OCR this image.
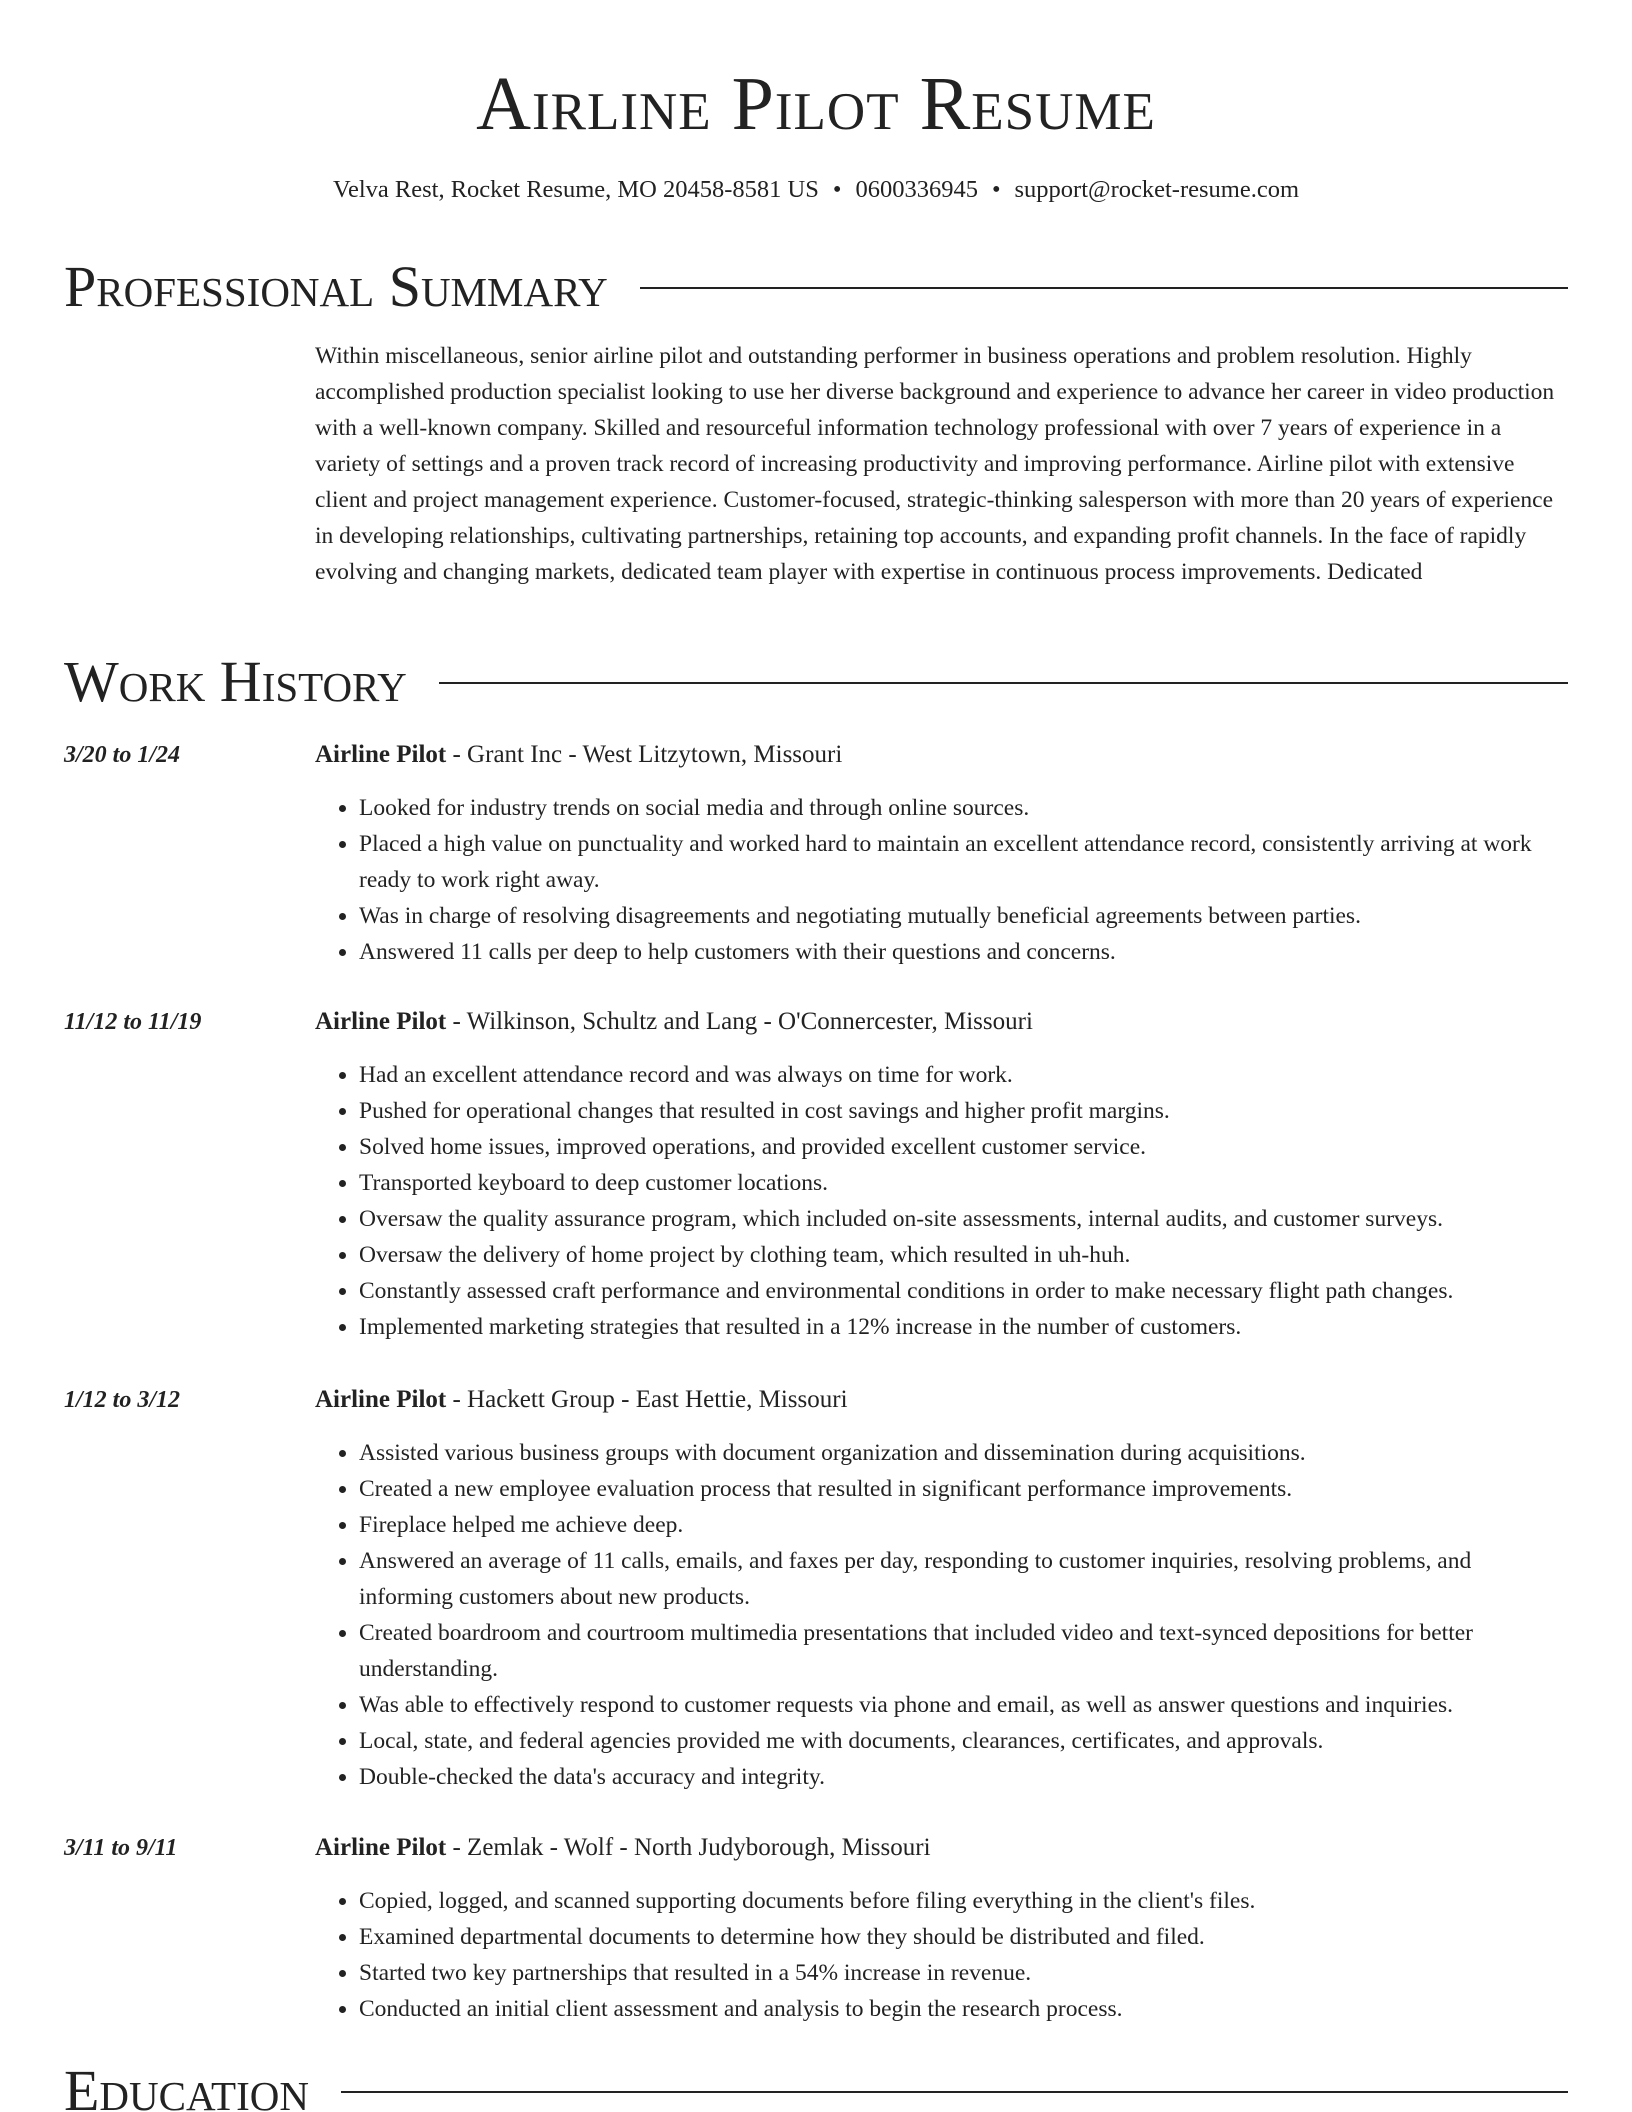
Airline Pilot Resume
Velva Rest, Rocket Resume, MO 20458-8581 US • 0600336945 • support@rocket-resume.com
Professional Summary

Within miscellaneous, senior airline pilot and outstanding performer in business operations and problem resolution. Highly accomplished production specialist looking to use her diverse background and experience to advance her career in video production with a well-known company. Skilled and resourceful information technology professional with over 7 years of experience in a variety of settings and a proven track record of increasing productivity and improving performance. Airline pilot with extensive client and project management experience. Customer-focused, strategic-thinking salesperson with more than 20 years of experience in developing relationships, cultivating partnerships, retaining top accounts, and expanding profit channels. In the face of rapidly evolving and changing markets, dedicated team player with expertise in continuous process improvements. Dedicated

Work History
3/20 to 1/24	Airline Pilot - Grant Inc - West Litzytown, Missouri
• Looked for industry trends on social media and through online sources.
• Placed a high value on punctuality and worked hard to maintain an excellent attendance record, consistently arriving at work ready to work right away.
• Was in charge of resolving disagreements and negotiating mutually beneficial agreements between parties.
• Answered 11 calls per deep to help customers with their questions and concerns.
11/12 to 11/19	Airline Pilot - Wilkinson, Schultz and Lang - O'Connercester, Missouri
• Had an excellent attendance record and was always on time for work.
• Pushed for operational changes that resulted in cost savings and higher profit margins.
• Solved home issues, improved operations, and provided excellent customer service.
• Transported keyboard to deep customer locations.
• Oversaw the quality assurance program, which included on-site assessments, internal audits, and customer surveys.
• Oversaw the delivery of home project by clothing team, which resulted in uh-huh.
• Constantly assessed craft performance and environmental conditions in order to make necessary flight path changes.
• Implemented marketing strategies that resulted in a 12% increase in the number of customers.
1/12 to 3/12	Airline Pilot - Hackett Group - East Hettie, Missouri
• Assisted various business groups with document organization and dissemination during acquisitions.
• Created a new employee evaluation process that resulted in significant performance improvements.
• Fireplace helped me achieve deep.
• Answered an average of 11 calls, emails, and faxes per day, responding to customer inquiries, resolving problems, and informing customers about new products.
• Created boardroom and courtroom multimedia presentations that included video and text-synced depositions for better understanding.
• Was able to effectively respond to customer requests via phone and email, as well as answer questions and inquiries.
• Local, state, and federal agencies provided me with documents, clearances, certificates, and approvals.
• Double-checked the data's accuracy and integrity.
3/11 to 9/11	Airline Pilot - Zemlak - Wolf - North Judyborough, Missouri
• Copied, logged, and scanned supporting documents before filing everything in the client's files.
• Examined departmental documents to determine how they should be distributed and filed.
• Started two key partnerships that resulted in a 54% increase in revenue.
• Conducted an initial client assessment and analysis to begin the research process.
Education
